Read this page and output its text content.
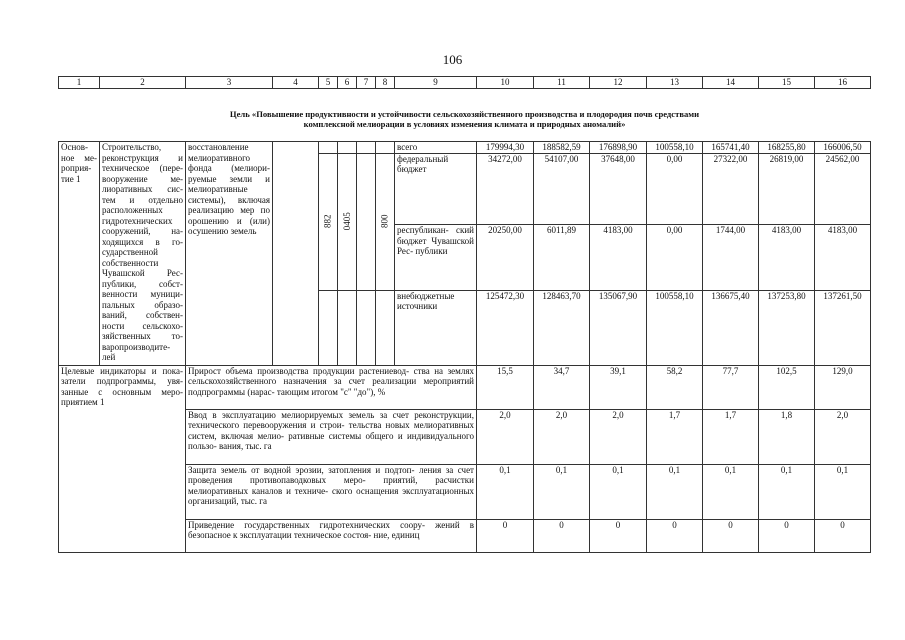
106
1	2	3	4	5	6	7	8	9	10	11	12	13	14	15	16

Цель «Повышение продуктивности и устойчивости сельскохозяйственного производства и плодородия почв средствами
комплексной мелиорации в условиях изменения климата и природных аномалий»															

Основ- ное ме- роприя- тие 1	Строительство, реконструкция и техническое (пере- вооружение ме- лиоративных сис- тем и отдельно расположенных гидротехнических сооружений, на- ходящихся в го- сударственной собственности Чувашской Рес- публики, собст- венности муници- пальных образо- ваний, собствен- ности сельскохо- зяйственных то- варопроизводите- лей	восстановление мелиоративного фонда (мелиори- руемые земли и мелиоративные системы), включая реализацию мер по орошению и (или) осушению земель						всего	179994,30	188582,59	176898,90	100558,10	165741,40	168255,80	166006,50
				882	0405		800	федеральный бюджет	34272,00	54107,00	37648,00	0,00	27322,00	26819,00	24562,00
								республикан- ский бюджет Чувашской Рес- публики	20250,00	6011,89	4183,00	0,00	1744,00	4183,00	4183,00
								внебюджетные источники	125472,30	128463,70	135067,90	100558,10	136675,40	137253,80	137261,50
Целевые индикаторы и пока- затели подпрограммы, увя- занные с основным меро- приятием 1		Прирост объема производства продукции растениевод- ства на землях сельскохозяйственного назначения за счет реализации мероприятий подпрограммы (нарас- тающим итогом "с" "до"), %							15,5	34,7	39,1	58,2	77,7	102,5	129,0
		Ввод в эксплуатацию мелиорируемых земель за счет реконструкции, технического перевооружения и строи- тельства новых мелиоративных систем, включая мелио- ративные системы общего и индивидуального пользо- вания, тыс. га							2,0	2,0	2,0	1,7	1,7	1,8	2,0
		Защита земель от водной эрозии, затопления и подтоп- ления за счет проведения противопаводковых меро- приятий, расчистки мелиоративных каналов и техниче- ского оснащения эксплуатационных организаций, тыс. га							0,1	0,1	0,1	0,1	0,1	0,1	0,1
		Приведение государственных гидротехнических соору- жений в безопасное к эксплуатации техническое состоя- ние, единиц							0	0	0	0	0	0	0
